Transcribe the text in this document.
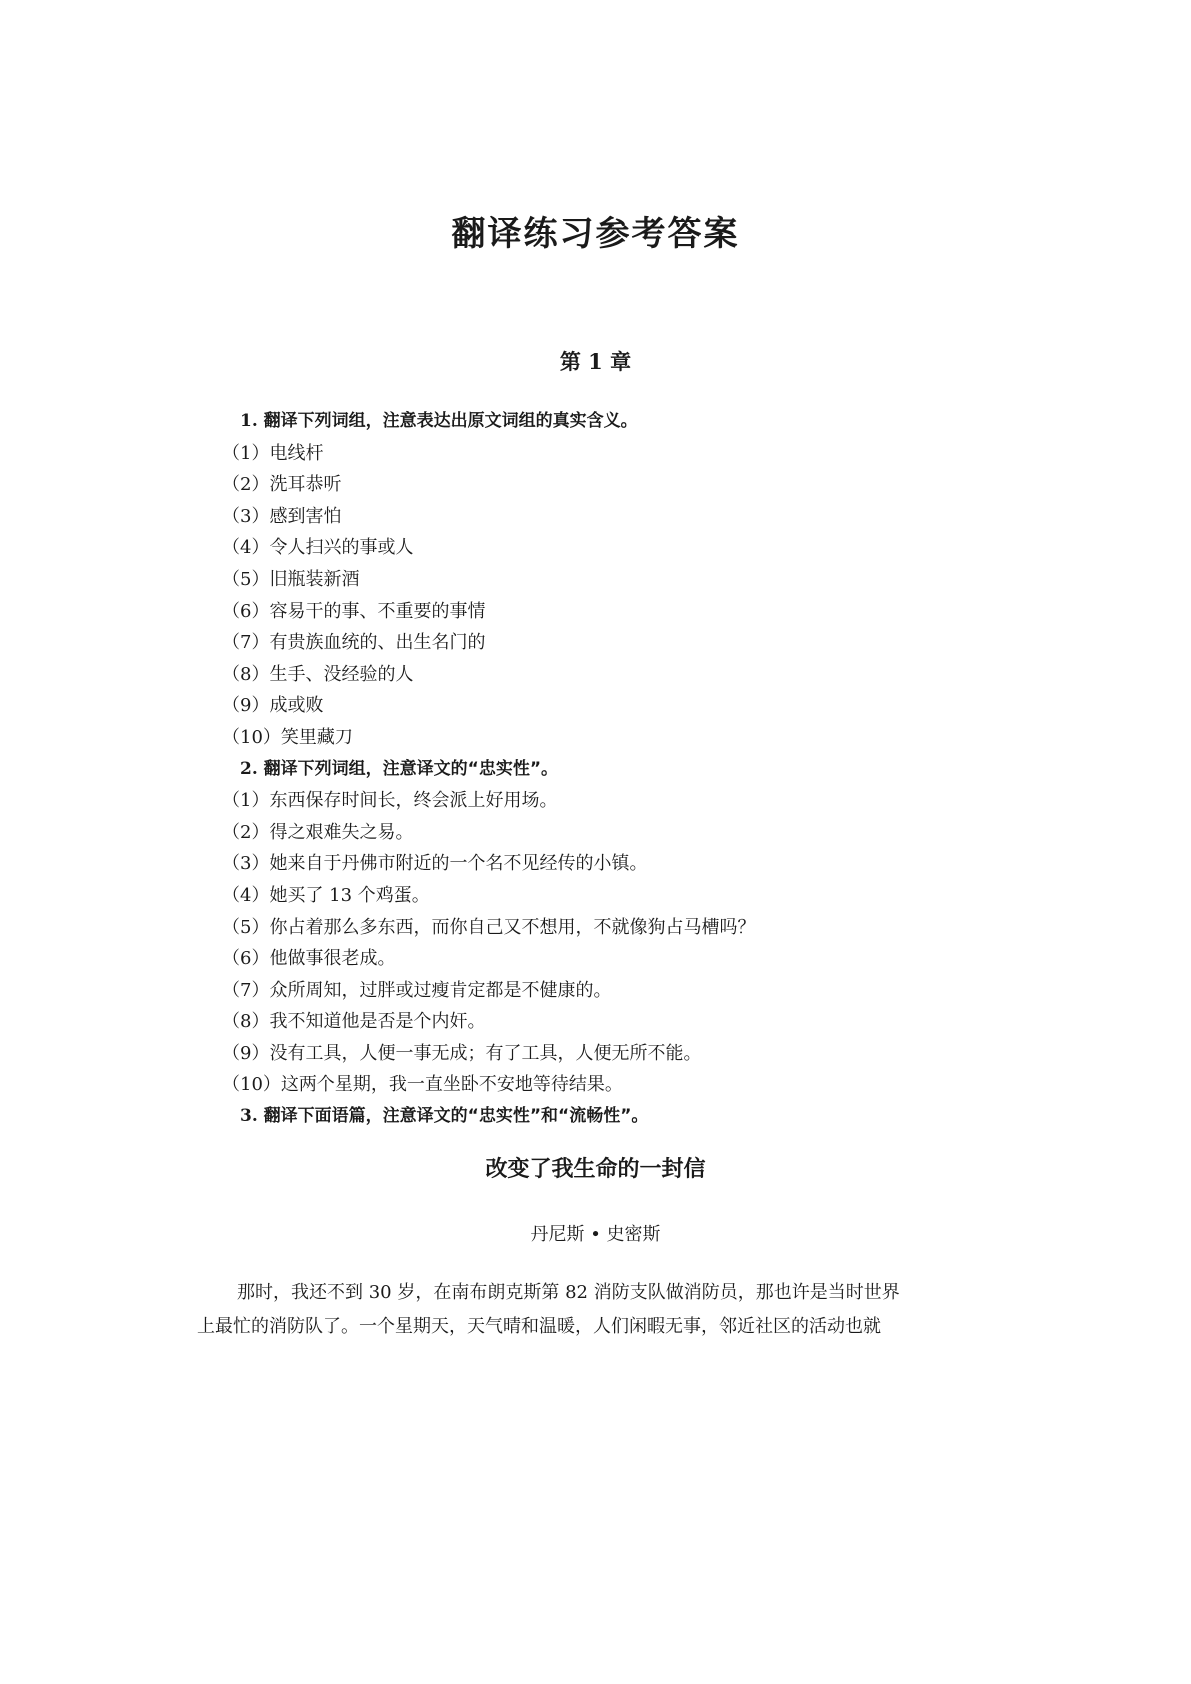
翻译练习参考答案
第 1 章
1. 翻译下列词组，注意表达出原文词组的真实含义。
（1）电线杆
（2）洗耳恭听
（3）感到害怕
（4）令人扫兴的事或人
（5）旧瓶装新酒
（6）容易干的事、不重要的事情
（7）有贵族血统的、出生名门的
（8）生手、没经验的人
（9）成或败
（10）笑里藏刀
2. 翻译下列词组，注意译文的“忠实性”。
（1）东西保存时间长，终会派上好用场。
（2）得之艰难失之易。
（3）她来自于丹佛市附近的一个名不见经传的小镇。
（4）她买了 13 个鸡蛋。
（5）你占着那么多东西，而你自己又不想用，不就像狗占马槽吗？
（6）他做事很老成。
（7）众所周知，过胖或过瘦肯定都是不健康的。
（8）我不知道他是否是个内奸。
（9）没有工具，人便一事无成；有了工具，人便无所不能。
（10）这两个星期，我一直坐卧不安地等待结果。
3. 翻译下面语篇，注意译文的“忠实性”和“流畅性”。
改变了我生命的一封信
丹尼斯 • 史密斯
那时，我还不到 30 岁，在南布朗克斯第 82 消防支队做消防员，那也许是当时世界
上最忙的消防队了。一个星期天，天气晴和温暖，人们闲暇无事，邻近社区的活动也就
